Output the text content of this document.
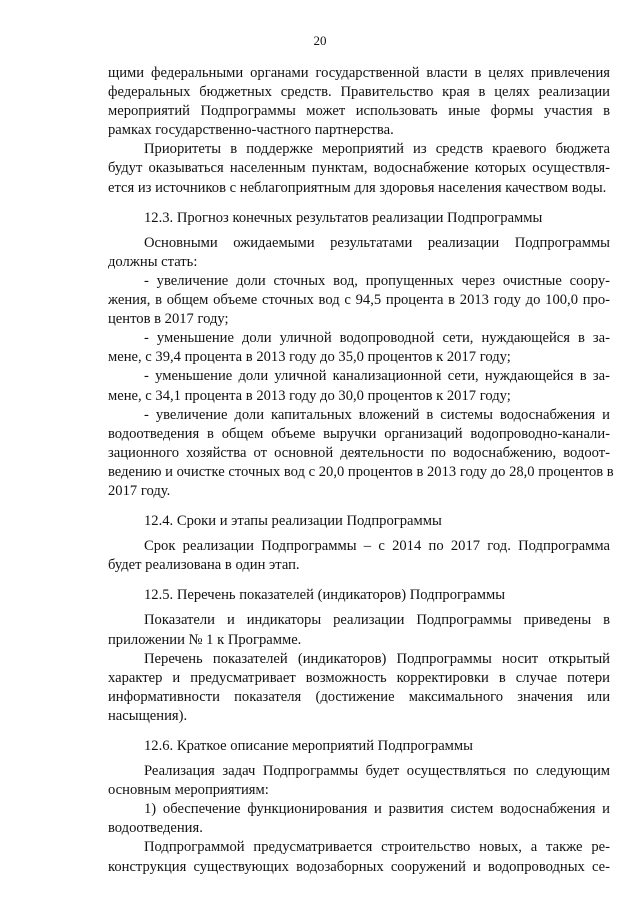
20
щими федеральными органами государственной власти в целях привлечения
федеральных бюджетных средств. Правительство края в целях реализации
мероприятий Подпрограммы может использовать иные формы участия в
рамках государственно-частного партнерства.
Приоритеты в поддержке мероприятий из средств краевого бюджета
будут оказываться населенным пунктам, водоснабжение которых осуществля-
ется из источников с неблагоприятным для здоровья населения качеством воды.
12.3. Прогноз конечных результатов реализации Подпрограммы
Основными ожидаемыми результатами реализации Подпрограммы
должны стать:
- увеличение доли сточных вод, пропущенных через очистные соору-
жения, в общем объеме сточных вод с 94,5 процента в 2013 году до 100,0 про-
центов в 2017 году;
- уменьшение доли уличной водопроводной сети, нуждающейся в за-
мене, с 39,4 процента в 2013 году до 35,0 процентов к 2017 году;
- уменьшение доли уличной канализационной сети, нуждающейся в за-
мене, с 34,1 процента в 2013 году до 30,0 процентов к 2017 году;
- увеличение доли капитальных вложений в системы водоснабжения и
водоотведения в общем объеме выручки организаций водопроводно-канали-
зационного хозяйства от основной деятельности по водоснабжению, водоот-
ведению и очистке сточных вод с 20,0 процентов в 2013 году до 28,0 процентов в
2017 году.
12.4. Сроки и этапы реализации Подпрограммы
Срок реализации Подпрограммы – с 2014 по 2017 год. Подпрограмма
будет реализована в один этап.
12.5. Перечень показателей (индикаторов) Подпрограммы
Показатели и индикаторы реализации Подпрограммы приведены в
приложении № 1 к Программе.
Перечень показателей (индикаторов) Подпрограммы носит открытый
характер и предусматривает возможность корректировки в случае потери
информативности показателя (достижение максимального значения или
насыщения).
12.6. Краткое описание мероприятий Подпрограммы
Реализация задач Подпрограммы будет осуществляться по следующим
основным мероприятиям:
1) обеспечение функционирования и развития систем водоснабжения и
водоотведения.
Подпрограммой предусматривается строительство новых, а также ре-
конструкция существующих водозаборных сооружений и водопроводных се-
